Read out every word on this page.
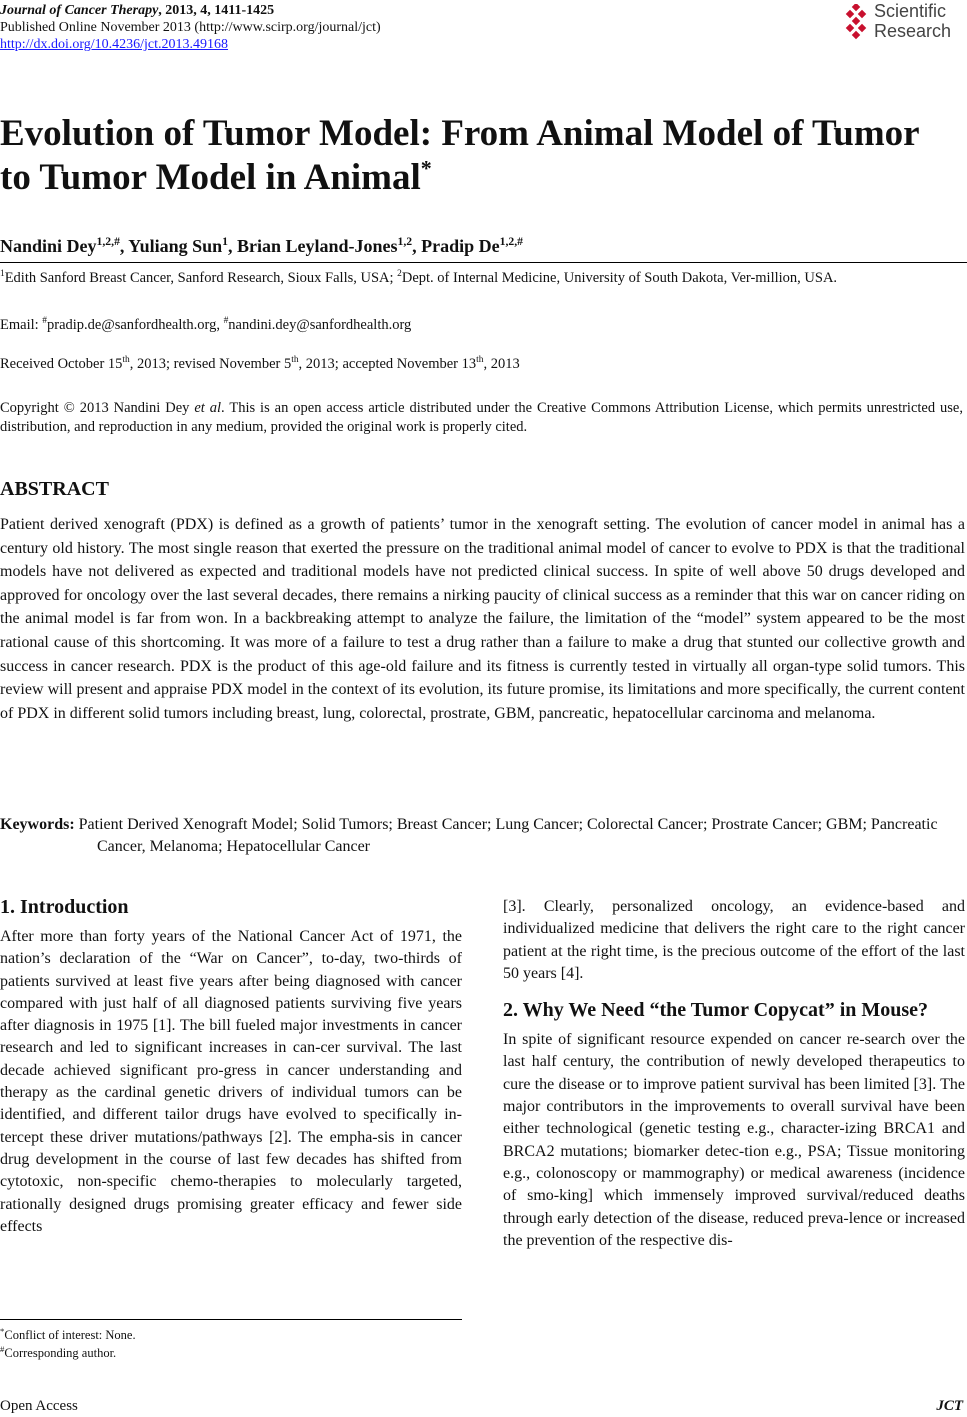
Journal of Cancer Therapy, 2013, 4, 1411-1425
Published Online November 2013 (http://www.scirp.org/journal/jct)
http://dx.doi.org/10.4236/jct.2013.49168
Scientific
Research
Evolution of Tumor Model: From Animal Model of Tumor
to Tumor Model in Animal*
Nandini Dey$^{1,2,\#}$, Yuliang Sun$^1$, Brian Leyland-Jones$^{1,2}$, Pradip $De^{1,2,\#}$
$^1$Edith Sanford Breast Cancer, Sanford Research, Sioux Falls, USA; $^2$Dept. of Internal Medicine, University of South Dakota, Ver-million, USA.
Email: #pradip.de@sanfordhealth.org, #nandini.dey@sanfordhealth.org
Received October 15th, 2013; revised November 5th, 2013; accepted November 13th, 2013
Copyright © 2013 Nandini Dey et al. This is an open access article distributed under the Creative Commons Attribution License, which permits unrestricted use, distribution, and reproduction in any medium, provided the original work is properly cited.
ABSTRACT
Patient derived xenograft (PDX) is defined as a growth of patients’ tumor in the xenograft setting. The evolution of cancer model in animal has a century old history. The most single reason that exerted the pressure on the traditional animal model of cancer to evolve to PDX is that the traditional models have not delivered as expected and traditional models have not predicted clinical success. In spite of well above 50 drugs developed and approved for oncology over the last several decades, there remains a nirking paucity of clinical success as a reminder that this war on cancer riding on the animal model is far from won. In a backbreaking attempt to analyze the failure, the limitation of the “model” system appeared to be the most rational cause of this shortcoming. It was more of a failure to test a drug rather than a failure to make a drug that stunted our collective growth and success in cancer research. PDX is the product of this age-old failure and its fitness is currently tested in virtually all organ-type solid tumors. This review will present and appraise PDX model in the context of its evolution, its future promise, its limitations and more specifically, the current content of PDX in different solid tumors including breast, lung, colorectal, prostrate, GBM, pancreatic, hepatocellular carcinoma and melanoma.
Keywords: Patient Derived Xenograft Model; Solid Tumors; Breast Cancer; Lung Cancer; Colorectal Cancer; Prostrate Cancer; GBM; Pancreatic Cancer, Melanoma; Hepatocellular Cancer
1. Introduction

After more than forty years of the National Cancer Act of 1971, the nation’s declaration of the “War on Cancer”, to-day, two-thirds of patients survived at least five years after being diagnosed with cancer compared with just half of all diagnosed patients surviving five years after diagnosis in 1975 [1]. The bill fueled major investments in cancer research and led to significant increases in can-cer survival. The last decade achieved significant pro-gress in cancer understanding and therapy as the cardinal genetic drivers of individual tumors can be identified, and different tailor drugs have evolved to specifically in-tercept these driver mutations/pathways [2]. The empha-sis in cancer drug development in the course of last few decades has shifted from cytotoxic, non-specific chemo-therapies to molecularly targeted, rationally designed drugs promising greater efficacy and fewer side effects

[3]. Clearly, personalized oncology, an evidence-based and individualized medicine that delivers the right care to the right cancer patient at the right time, is the precious outcome of the effort of the last 50 years [4].

2. Why We Need “the Tumor Copycat” in Mouse?

In spite of significant resource expended on cancer re-search over the last half century, the contribution of newly developed therapeutics to cure the disease or to improve patient survival has been limited [3]. The major contributors in the improvements to overall survival have been either technological (genetic testing e.g., character-izing BRCA1 and BRCA2 mutations; biomarker detec-tion e.g., PSA; Tissue monitoring e.g., colonoscopy or mammography) or medical awareness (incidence of smo-king] which immensely improved survival/reduced deaths through early detection of the disease, reduced preva-lence or increased the prevention of the respective dis-

*Conflict of interest: None.
#Corresponding author.
Open Access	JCT
